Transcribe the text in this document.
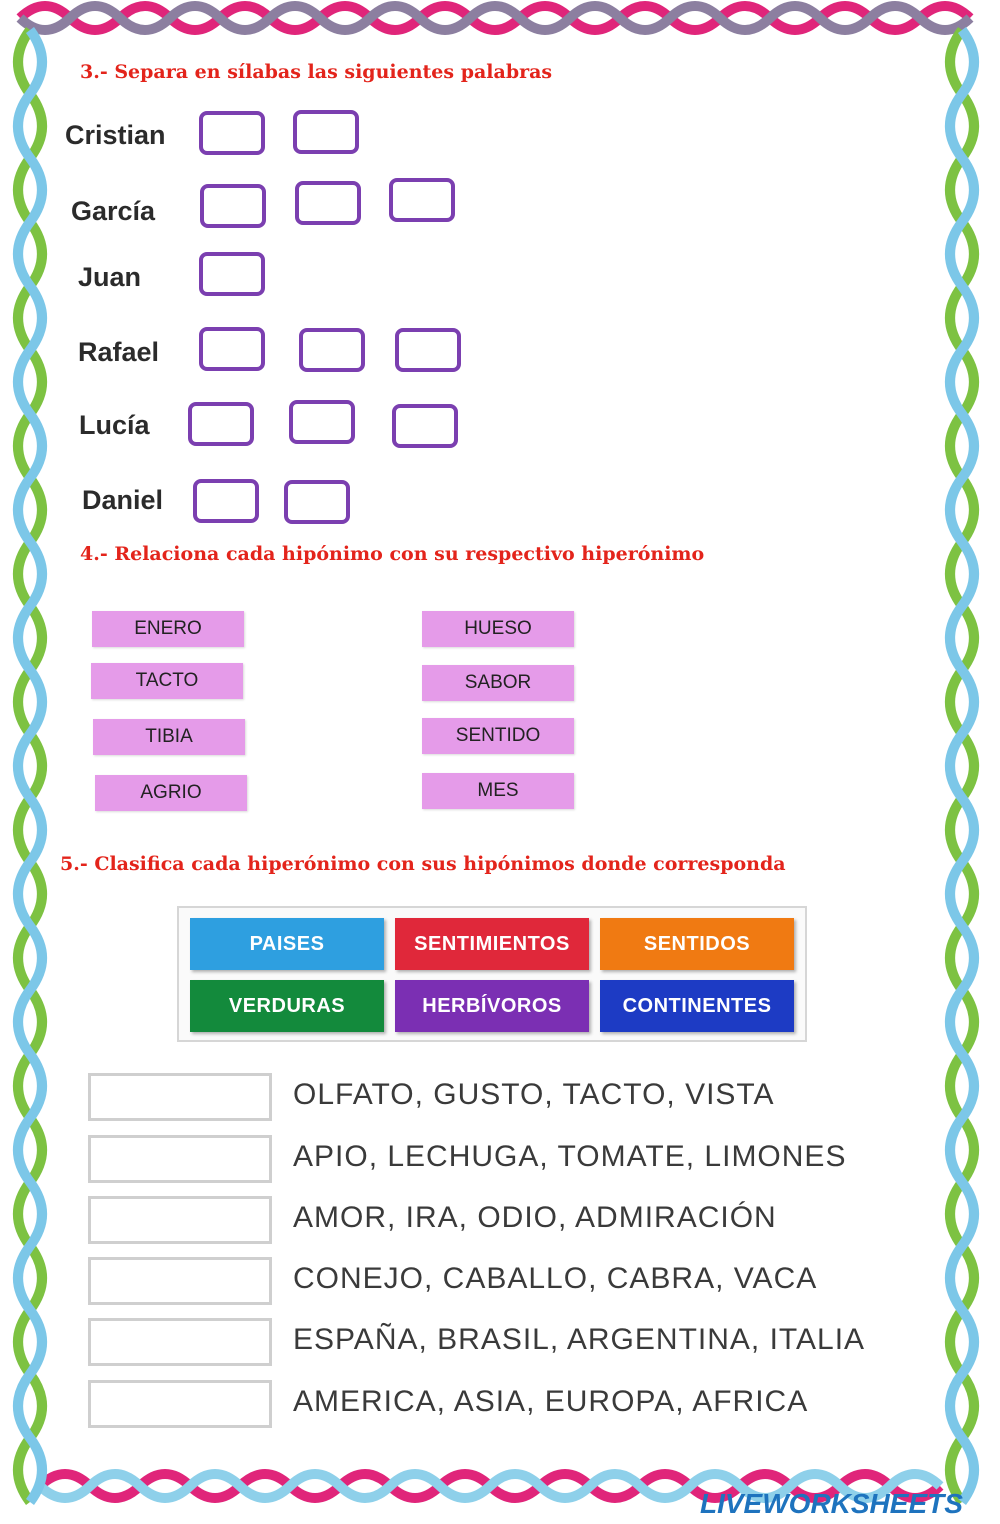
3.- Separa en sílabas las siguientes palabras
Cristian
García
Juan
Rafael
Lucía
Daniel
4.- Relaciona cada hipónimo con su respectivo hiperónimo
ENERO
TACTO
TIBIA
AGRIO
HUESO
SABOR
SENTIDO
MES
5.- Clasifica cada hiperónimo con sus hipónimos donde corresponda
PAISES	SENTIMIENTOS	SENTIDOS
VERDURAS	HERBÍVOROS	CONTINENTES
OLFATO, GUSTO, TACTO, VISTA
APIO, LECHUGA, TOMATE, LIMONES
AMOR, IRA, ODIO, ADMIRACIÓN
CONEJO, CABALLO, CABRA, VACA
ESPAÑA, BRASIL, ARGENTINA, ITALIA
AMERICA, ASIA, EUROPA, AFRICA
LIVEWORKSHEETS
